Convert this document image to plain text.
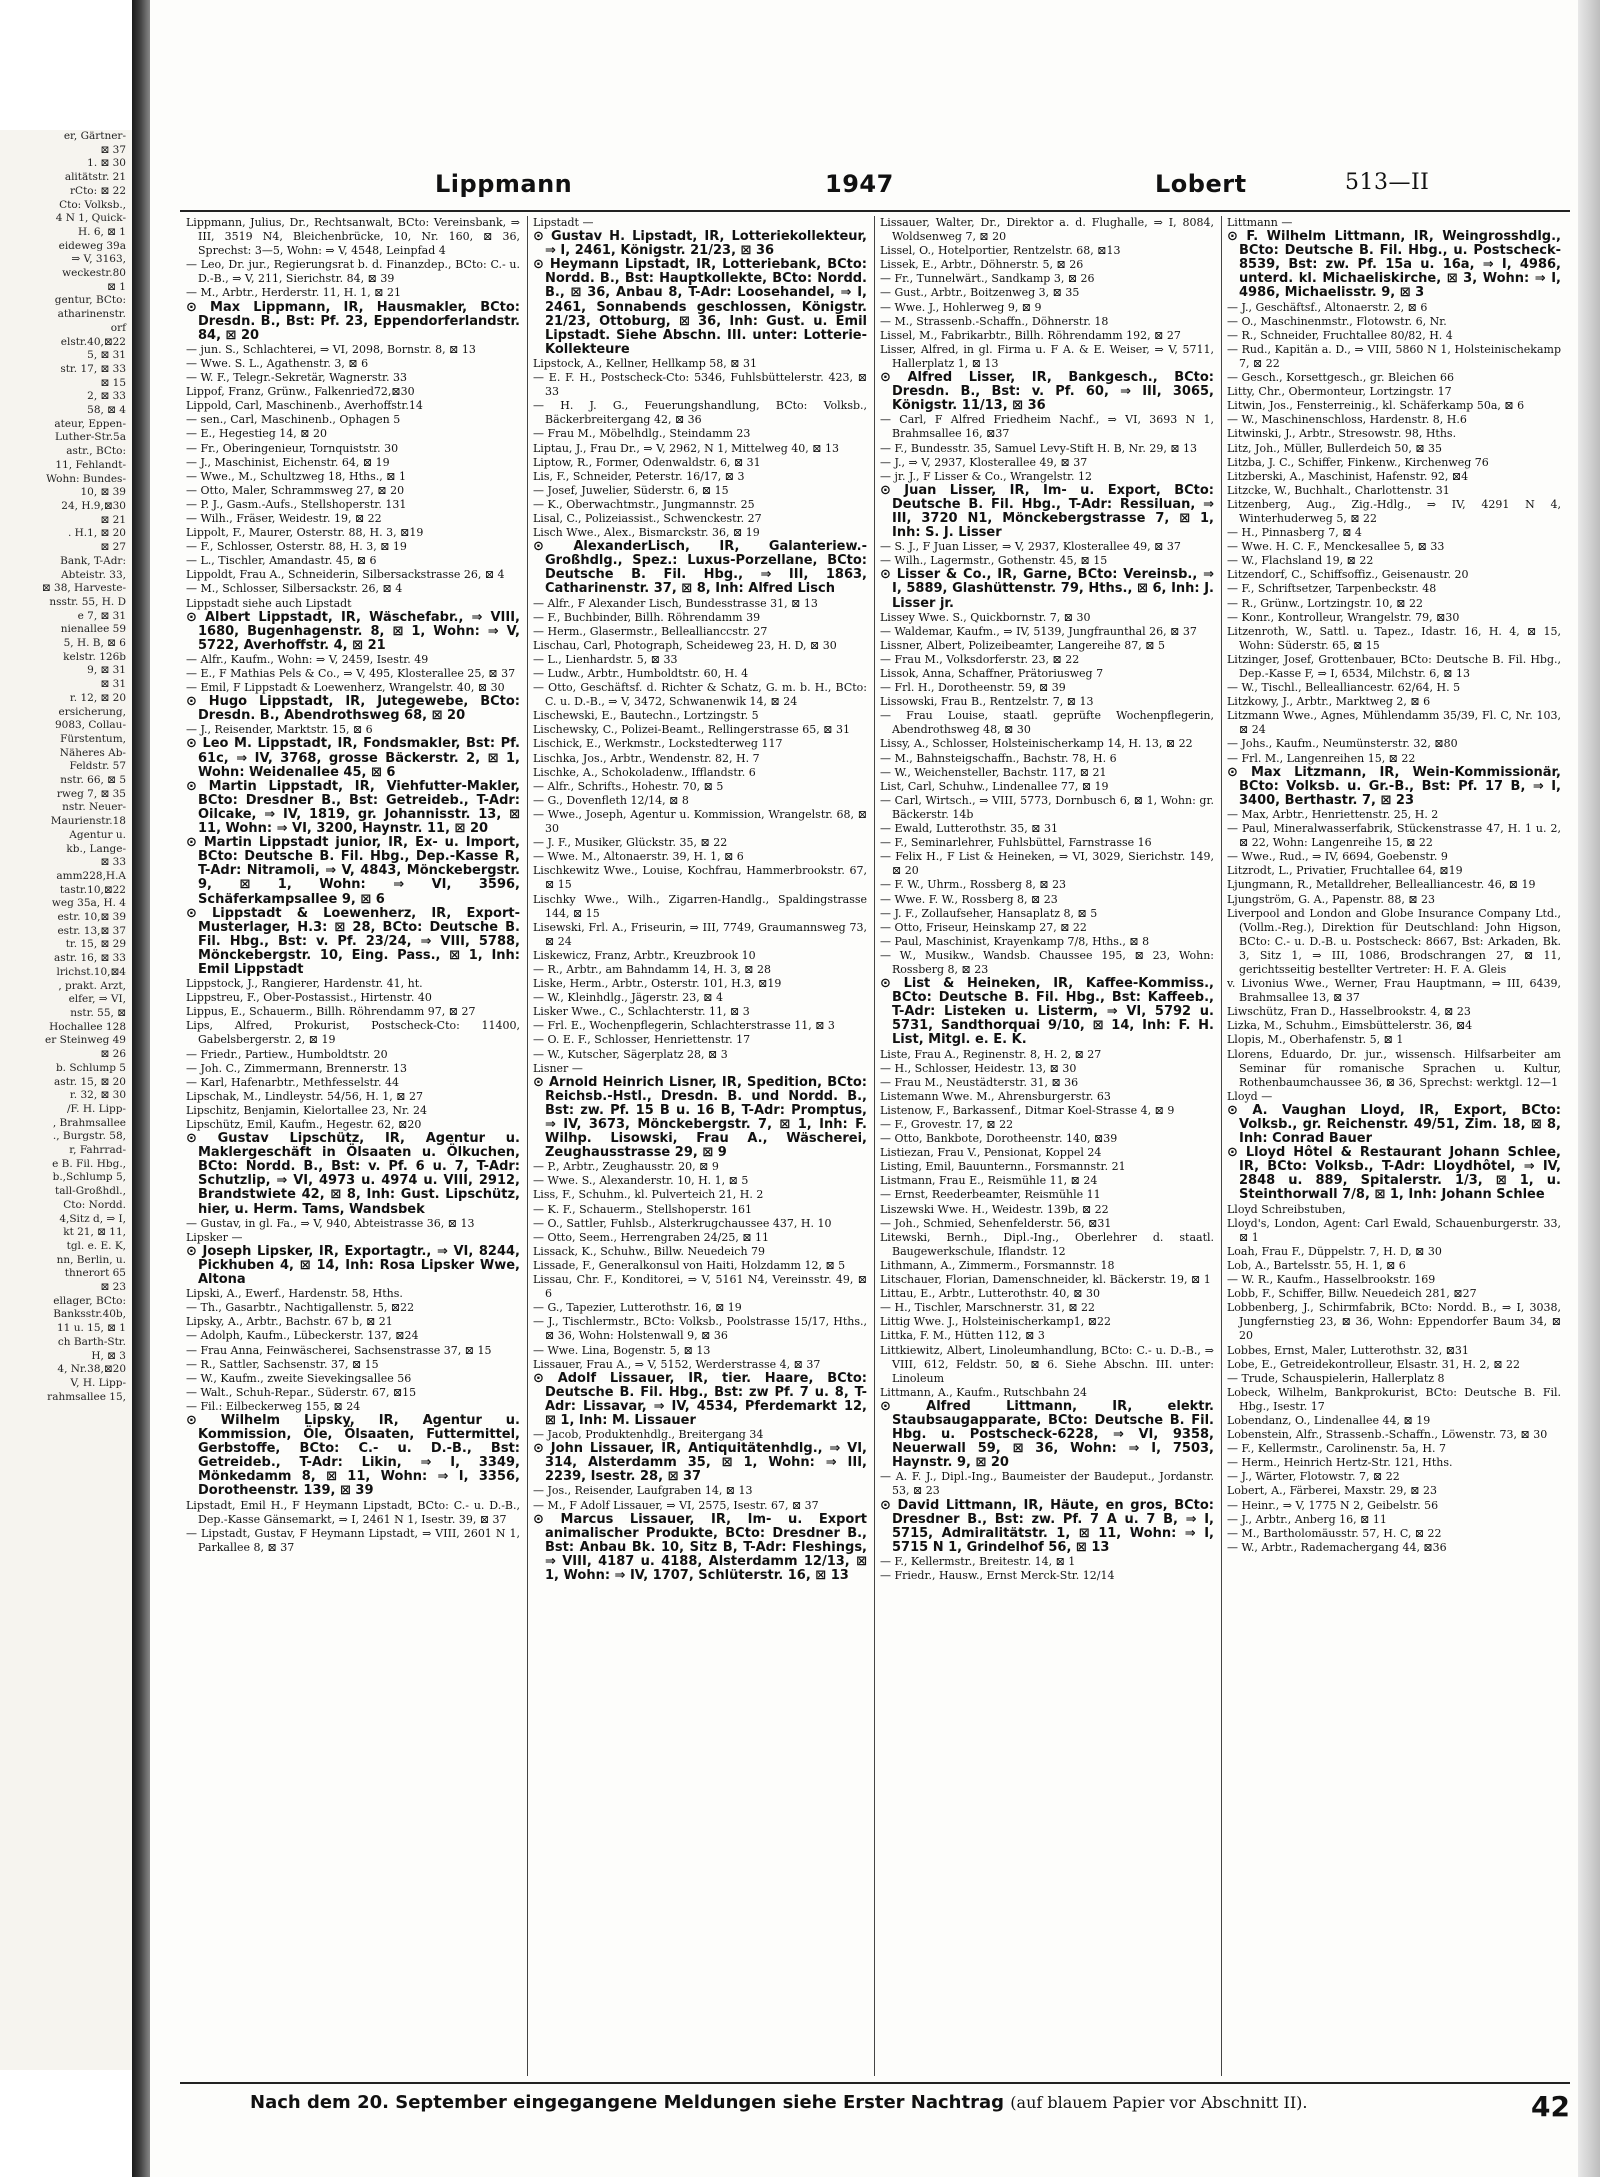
er, Gärtner-
⊠ 37
1. ⊠ 30
alitätstr. 21
rCto: ⊠ 22
Cto: Volksb.,
4 N 1, Quick-
H. 6, ⊠ 1
eideweg 39a
⇒ V, 3163,
weckestr.80
⊠ 1
gentur, BCto:
atharinenstr.
orf
elstr.40,⊠22
5, ⊠ 31
str. 17, ⊠ 33
⊠ 15
2, ⊠ 33
58, ⊠ 4
ateur, Eppen-
Luther-Str.5a
astr., BCto:
11, Fehlandt-
Wohn: Bundes-
10, ⊠ 39
24, H.9,⊠30
⊠ 21
. H.1, ⊠ 20
⊠ 27
Bank, T-Adr:
Abteistr. 33,
⊠ 38, Harveste-
nsstr. 55, H. D
e 7, ⊠ 31
nienallee 59
5, H. B, ⊠ 6
kelstr. 126b
9, ⊠ 31
⊠ 31
r. 12, ⊠ 20
ersicherung,
9083, Collau-
Fürstentum,
Näheres Ab-
Feldstr. 57
nstr. 66, ⊠ 5
rweg 7, ⊠ 35
nstr. Neuer-
Maurienstr.18
Agentur u.
kb., Lange-
⊠ 33
amm228,H.A
tastr.10,⊠22
weg 35a, H. 4
estr. 10,⊠ 39
estr. 13,⊠ 37
tr. 15, ⊠ 29
astr. 16, ⊠ 33
lrichst.10,⊠4
, prakt. Arzt,
elfer, ⇒ VI,
nstr. 55, ⊠
Hochallee 128
er Steinweg 49
⊠ 26
b. Schlump 5
astr. 15, ⊠ 20
r. 32, ⊠ 30
/F. H. Lipp-
, Brahmsallee
., Burgstr. 58,
r, Fahrrad-
e B. Fil. Hbg.,
b.,Schlump 5,
tall-Großhdl.,
Cto: Nordd.
4,Sitz d, ⇒ I,
kt 21, ⊠ 11,
tgl. e. E. K,
nn, Berlin, u.
thnerort 65
⊠ 23
ellager, BCto:
Banksstr.40b,
11 u. 15, ⊠ 1
ch Barth-Str.
H, ⊠ 3
4, Nr.38,⊠20
V, H. Lipp-
rahmsallee 15,
Lippmann	1947	Lobert	513—II

Lippmann, Julius, Dr., Rechtsanwalt, BCto: Vereinsbank, ⇒ III, 3519 N4, Bleichenbrücke, 10, Nr. 160, ⊠ 36, Sprechst: 3—5, Wohn: ⇒ V, 4548, Leinpfad 4

— Leo, Dr. jur., Regierungsrat b. d. Finanzdep., BCto: C.- u. D.-B., ⇒ V, 211, Sierichstr. 84, ⊠ 39

— M., Arbtr., Herderstr. 11, H. 1, ⊠ 21

⊙ Max Lippmann, IR, Hausmakler, BCto: Dresdn. B., Bst: Pf. 23, Eppendorferlandstr. 84, ⊠ 20

— jun. S., Schlachterei, ⇒ VI, 2098, Bornstr. 8, ⊠ 13

— Wwe. S. L., Agathenstr. 3, ⊠ 6

— W. F., Telegr.-Sekretär, Wagnerstr. 33

Lippof, Franz, Grünw., Falkenried72,⊠30

Lippold, Carl, Maschinenb., Averhoffstr.14

— sen., Carl, Maschinenb., Ophagen 5

— E., Hegestieg 14, ⊠ 20

— Fr., Oberingenieur, Tornquiststr. 30

— J., Maschinist, Eichenstr. 64, ⊠ 19

— Wwe., M., Schultzweg 18, Hths., ⊠ 1

— Otto, Maler, Schrammsweg 27, ⊠ 20

— P. J., Gasm.-Aufs., Stellshoperstr. 131

— Wilh., Fräser, Weidestr. 19, ⊠ 22

Lippolt, F., Maurer, Osterstr. 88, H. 3, ⊠19

— F., Schlosser, Osterstr. 88, H. 3, ⊠ 19

— L., Tischler, Amandastr. 45, ⊠ 6

Lippoldt, Frau A., Schneiderin, Silbersackstrasse 26, ⊠ 4

— M., Schlosser, Silbersackstr. 26, ⊠ 4

Lippstadt siehe auch Lipstadt

⊙ Albert Lippstadt, IR, Wäschefabr., ⇒ VIII, 1680, Bugenhagenstr. 8, ⊠ 1, Wohn: ⇒ V, 5722, Averhoffstr. 4, ⊠ 21

— Alfr., Kaufm., Wohn: ⇒ V, 2459, Isestr. 49

— E., F Mathias Pels & Co., ⇒ V, 495, Klosterallee 25, ⊠ 37

— Emil, F Lippstadt & Loewenherz, Wrangelstr. 40, ⊠ 30

⊙ Hugo Lippstadt, IR, Jutegewebe, BCto: Dresdn. B., Abendrothsweg 68, ⊠ 20

— J., Reisender, Marktstr. 15, ⊠ 6

⊙ Leo M. Lippstadt, IR, Fondsmakler, Bst: Pf. 61c, ⇒ IV, 3768, grosse Bäckerstr. 2, ⊠ 1, Wohn: Weidenallee 45, ⊠ 6

⊙ Martin Lippstadt, IR, Viehfutter-Makler, BCto: Dresdner B., Bst: Getreideb., T-Adr: Oilcake, ⇒ IV, 1819, gr. Johannisstr. 13, ⊠ 11, Wohn: ⇒ VI, 3200, Haynstr. 11, ⊠ 20

⊙ Martin Lippstadt junior, IR, Ex- u. Import, BCto: Deutsche B. Fil. Hbg., Dep.-Kasse R, T-Adr: Nitramoli, ⇒ V, 4843, Mönckebergstr. 9, ⊠ 1, Wohn: ⇒ VI, 3596, Schäferkampsallee 9, ⊠ 6

⊙ Lippstadt & Loewenherz, IR, Export-Musterlager, H.3: ⊠ 28, BCto: Deutsche B. Fil. Hbg., Bst: v. Pf. 23/24, ⇒ VIII, 5788, Mönckebergstr. 10, Eing. Pass., ⊠ 1, Inh: Emil Lippstadt

Lippstock, J., Rangierer, Hardenstr. 41, ht.

Lippstreu, F., Ober-Postassist., Hirtenstr. 40

Lippus, E., Schauerm., Billh. Röhrendamm 97, ⊠ 27

Lips, Alfred, Prokurist, Postscheck-Cto: 11400, Gabelsbergerstr. 2, ⊠ 19

— Friedr., Partiew., Humboldtstr. 20

— Joh. C., Zimmermann, Brennerstr. 13

— Karl, Hafenarbtr., Methfesselstr. 44

Lipschak, M., Lindleystr. 54/56, H. 1, ⊠ 27

Lipschitz, Benjamin, Kielortallee 23, Nr. 24

Lipschütz, Emil, Kaufm., Hegestr. 62, ⊠20

⊙ Gustav Lipschütz, IR, Agentur u. Maklergeschäft in Ölsaaten u. Ölkuchen, BCto: Nordd. B., Bst: v. Pf. 6 u. 7, T-Adr: Schutzlip, ⇒ VI, 4973 u. 4974 u. VIII, 2912, Brandstwiete 42, ⊠ 8, Inh: Gust. Lipschütz, hier, u. Herm. Tams, Wandsbek

— Gustav, in gl. Fa., ⇒ V, 940, Abteistrasse 36, ⊠ 13

Lipsker —

⊙ Joseph Lipsker, IR, Exportagtr., ⇒ VI, 8244, Pickhuben 4, ⊠ 14, Inh: Rosa Lipsker Wwe, Altona

Lipski, A., Ewerf., Hardenstr. 58, Hths.

— Th., Gasarbtr., Nachtigallenstr. 5, ⊠22

Lipsky, A., Arbtr., Bachstr. 67 b, ⊠ 21

— Adolph, Kaufm., Lübeckerstr. 137, ⊠24

— Frau Anna, Feinwäscherei, Sachsenstrasse 37, ⊠ 15

— R., Sattler, Sachsenstr. 37, ⊠ 15

— W., Kaufm., zweite Sievekingsallee 56

— Walt., Schuh-Repar., Süderstr. 67, ⊠15

— Fil.: Eilbeckerweg 155, ⊠ 24

⊙ Wilhelm Lipsky, IR, Agentur u. Kommission, Öle, Ölsaaten, Futtermittel, Gerbstoffe, BCto: C.- u. D.-B., Bst: Getreideb., T-Adr: Likin, ⇒ I, 3349, Mönkedamm 8, ⊠ 11, Wohn: ⇒ I, 3356, Dorotheenstr. 139, ⊠ 39

Lipstadt, Emil H., F Heymann Lipstadt, BCto: C.- u. D.-B., Dep.-Kasse Gänsemarkt, ⇒ I, 2461 N 1, Isestr. 39, ⊠ 37

— Lipstadt, Gustav, F Heymann Lipstadt, ⇒ VIII, 2601 N 1, Parkallee 8, ⊠ 37

Lipstadt —

⊙ Gustav H. Lipstadt, IR, Lotteriekollekteur, ⇒ I, 2461, Königstr. 21/23, ⊠ 36

⊙ Heymann Lipstadt, IR, Lotteriebank, BCto: Nordd. B., Bst: Hauptkollekte, BCto: Nordd. B., ⊠ 36, Anbau 8, T-Adr: Loosehandel, ⇒ I, 2461, Sonnabends geschlossen, Königstr. 21/23, Ottoburg, ⊠ 36, Inh: Gust. u. Emil Lipstadt. Siehe Abschn. III. unter: Lotterie-Kollekteure

Lipstock, A., Kellner, Hellkamp 58, ⊠ 31

— E. F. H., Postscheck-Cto: 5346, Fuhlsbüttelerstr. 423, ⊠ 33

— H. J. G., Feuerungshandlung, BCto: Volksb., Bäckerbreitergang 42, ⊠ 36

— Frau M., Möbelhdlg., Steindamm 23

Liptau, J., Frau Dr., ⇒ V, 2962, N 1, Mittelweg 40, ⊠ 13

Liptow, R., Former, Odenwaldstr. 6, ⊠ 31

Lis, F., Schneider, Peterstr. 16/17, ⊠ 3

— Josef, Juwelier, Süderstr. 6, ⊠ 15

— K., Oberwachtmstr., Jungmannstr. 25

Lisal, C., Polizeiassist., Schwenckestr. 27

Lisch Wwe., Alex., Bismarckstr. 36, ⊠ 19

⊙ AlexanderLisch, IR, Galanteriew.-Großhdlg., Spez.: Luxus-Porzellane, BCto: Deutsche B. Fil. Hbg., ⇒ III, 1863, Catharinenstr. 37, ⊠ 8, Inh: Alfred Lisch

— Alfr., F Alexander Lisch, Bundesstrasse 31, ⊠ 13

— F., Buchbinder, Billh. Röhrendamm 39

— Herm., Glasermstr., Belleallianccstr. 27

Lischau, Carl, Photograph, Scheideweg 23, H. D, ⊠ 30

— L., Lienhardstr. 5, ⊠ 33

— Ludw., Arbtr., Humboldtstr. 60, H. 4

— Otto, Geschäftsf. d. Richter & Schatz, G. m. b. H., BCto: C. u. D.-B., ⇒ V, 3472, Schwanenwik 14, ⊠ 24

Lischewski, E., Bautechn., Lortzingstr. 5

Lischewsky, C., Polizei-Beamt., Rellingerstrasse 65, ⊠ 31

Lischick, E., Werkmstr., Lockstedterweg 117

Lischka, Jos., Arbtr., Wendenstr. 82, H. 7

Lischke, A., Schokoladenw., Ifflandstr. 6

— Alfr., Schrifts., Hohestr. 70, ⊠ 5

— G., Dovenfleth 12/14, ⊠ 8

— Wwe., Joseph, Agentur u. Kommission, Wrangelstr. 68, ⊠ 30

— J. F., Musiker, Glückstr. 35, ⊠ 22

— Wwe. M., Altonaerstr. 39, H. 1, ⊠ 6

Lischkewitz Wwe., Louise, Kochfrau, Hammerbrookstr. 67, ⊠ 15

Lischky Wwe., Wilh., Zigarren-Handlg., Spaldingstrasse 144, ⊠ 15

Lisewski, Frl. A., Friseurin, ⇒ III, 7749, Graumannsweg 73, ⊠ 24

Liskewicz, Franz, Arbtr., Kreuzbrook 10

— R., Arbtr., am Bahndamm 14, H. 3, ⊠ 28

Liske, Herm., Arbtr., Osterstr. 101, H.3, ⊠19

— W., Kleinhdlg., Jägerstr. 23, ⊠ 4

Lisker Wwe., C., Schlachterstr. 11, ⊠ 3

— Frl. E., Wochenpflegerin, Schlachterstrasse 11, ⊠ 3

— O. E. F., Schlosser, Henriettenstr. 17

— W., Kutscher, Sägerplatz 28, ⊠ 3

Lisner —

⊙ Arnold Heinrich Lisner, IR, Spedition, BCto: Reichsb.-Hstl., Dresdn. B. und Nordd. B., Bst: zw. Pf. 15 B u. 16 B, T-Adr: Promptus, ⇒ IV, 3673, Mönckebergstr. 7, ⊠ 1, Inh: F. Wilhp. Lisowski, Frau A., Wäscherei, Zeughausstrasse 29, ⊠ 9

— P., Arbtr., Zeughausstr. 20, ⊠ 9

— Wwe. S., Alexanderstr. 10, H. 1, ⊠ 5

Liss, F., Schuhm., kl. Pulverteich 21, H. 2

— K. F., Schauerm., Stellshoperstr. 161

— O., Sattler, Fuhlsb., Alsterkrugchaussee 437, H. 10

— Otto, Seem., Herrengraben 24/25, ⊠ 11

Lissack, K., Schuhw., Billw. Neuedeich 79

Lissade, F., Generalkonsul von Haiti, Holzdamm 12, ⊠ 5

Lissau, Chr. F., Konditorei, ⇒ V, 5161 N4, Vereinsstr. 49, ⊠ 6

— G., Tapezier, Lutterothstr. 16, ⊠ 19

— J., Tischlermstr., BCto: Volksb., Poolstrasse 15/17, Hths., ⊠ 36, Wohn: Holstenwall 9, ⊠ 36

— Wwe. Lina, Bogenstr. 5, ⊠ 13

Lissauer, Frau A., ⇒ V, 5152, Werderstrasse 4, ⊠ 37

⊙ Adolf Lissauer, IR, tier. Haare, BCto: Deutsche B. Fil. Hbg., Bst: zw Pf. 7 u. 8, T-Adr: Lissavar, ⇒ IV, 4534, Pferdemarkt 12, ⊠ 1, Inh: M. Lissauer

— Jacob, Produktenhdlg., Breitergang 34

⊙ John Lissauer, IR, Antiquitätenhdlg., ⇒ VI, 314, Alsterdamm 35, ⊠ 1, Wohn: ⇒ III, 2239, Isestr. 28, ⊠ 37

— Jos., Reisender, Laufgraben 14, ⊠ 13

— M., F Adolf Lissauer, ⇒ VI, 2575, Isestr. 67, ⊠ 37

⊙ Marcus Lissauer, IR, Im- u. Export animalischer Produkte, BCto: Dresdner B., Bst: Anbau Bk. 10, Sitz B, T-Adr: Fleshings, ⇒ VIII, 4187 u. 4188, Alsterdamm 12/13, ⊠ 1, Wohn: ⇒ IV, 1707, Schlüterstr. 16, ⊠ 13

Lissauer, Walter, Dr., Direktor a. d. Flughalle, ⇒ I, 8084, Woldsenweg 7, ⊠ 20

Lissel, O., Hotelportier, Rentzelstr. 68, ⊠13

Lissek, E., Arbtr., Döhnerstr. 5, ⊠ 26

— Fr., Tunnelwärt., Sandkamp 3, ⊠ 26

— Gust., Arbtr., Boitzenweg 3, ⊠ 35

— Wwe. J., Hohlerweg 9, ⊠ 9

— M., Strassenb.-Schaffn., Döhnerstr. 18

Lissel, M., Fabrikarbtr., Billh. Röhrendamm 192, ⊠ 27

Lisser, Alfred, in gl. Firma u. F A. & E. Weiser, ⇒ V, 5711, Hallerplatz 1, ⊠ 13

⊙ Alfred Lisser, IR, Bankgesch., BCto: Dresdn. B., Bst: v. Pf. 60, ⇒ III, 3065, Königstr. 11/13, ⊠ 36

— Carl, F Alfred Friedheim Nachf., ⇒ VI, 3693 N 1, Brahmsallee 16, ⊠37

— F., Bundesstr. 35, Samuel Levy-Stift H. B, Nr. 29, ⊠ 13

— J., ⇒ V, 2937, Klosterallee 49, ⊠ 37

— jr. J., F Lisser & Co., Wrangelstr. 12

⊙ Juan Lisser, IR, Im- u. Export, BCto: Deutsche B. Fil. Hbg., T-Adr: Ressiluan, ⇒ III, 3720 N1, Mönckebergstrasse 7, ⊠ 1, Inh: S. J. Lisser

— S. J., F Juan Lisser, ⇒ V, 2937, Klosterallee 49, ⊠ 37

— Wilh., Lagermstr., Gothenstr. 45, ⊠ 15

⊙ Lisser & Co., IR, Garne, BCto: Vereinsb., ⇒ I, 5889, Glashüttenstr. 79, Hths., ⊠ 6, Inh: J. Lisser jr.

Lissey Wwe. S., Quickbornstr. 7, ⊠ 30

— Waldemar, Kaufm., ⇒ IV, 5139, Jungfraunthal 26, ⊠ 37

Lissner, Albert, Polizeibeamter, Langereihe 87, ⊠ 5

— Frau M., Volksdorferstr. 23, ⊠ 22

Lissok, Anna, Schaffner, Prätoriusweg 7

— Frl. H., Dorotheenstr. 59, ⊠ 39

Lissowski, Frau B., Rentzelstr. 7, ⊠ 13

— Frau Louise, staatl. geprüfte Wochenpflegerin, Abendrothsweg 48, ⊠ 30

Lissy, A., Schlosser, Holsteinischerkamp 14, H. 13, ⊠ 22

— M., Bahnsteigschaffn., Bachstr. 78, H. 6

— W., Weichensteller, Bachstr. 117, ⊠ 21

List, Carl, Schuhw., Lindenallee 77, ⊠ 19

— Carl, Wirtsch., ⇒ VIII, 5773, Dornbusch 6, ⊠ 1, Wohn: gr. Bäckerstr. 14b

— Ewald, Lutterothstr. 35, ⊠ 31

— F., Seminarlehrer, Fuhlsbüttel, Farnstrasse 16

— Felix H., F List & Heineken, ⇒ VI, 3029, Sierichstr. 149, ⊠ 20

— F. W., Uhrm., Rossberg 8, ⊠ 23

— Wwe. F. W., Rossberg 8, ⊠ 23

— J. F., Zollaufseher, Hansaplatz 8, ⊠ 5

— Otto, Friseur, Heinskamp 27, ⊠ 22

— Paul, Maschinist, Krayenkamp 7/8, Hths., ⊠ 8

— W., Musikw., Wandsb. Chaussee 195, ⊠ 23, Wohn: Rossberg 8, ⊠ 23

⊙ List & Heineken, IR, Kaffee-Kommiss., BCto: Deutsche B. Fil. Hbg., Bst: Kaffeeb., T-Adr: Listeken u. Listerm, ⇒ VI, 5792 u. 5731, Sandthorquai 9/10, ⊠ 14, Inh: F. H. List, Mitgl. e. E. K.

Liste, Frau A., Reginenstr. 8, H. 2, ⊠ 27

— H., Schlosser, Heidestr. 13, ⊠ 30

— Frau M., Neustädterstr. 31, ⊠ 36

Listemann Wwe. M., Ahrensburgerstr. 63

Listenow, F., Barkassenf., Ditmar Koel-Strasse 4, ⊠ 9

— F., Grovestr. 17, ⊠ 22

— Otto, Bankbote, Dorotheenstr. 140, ⊠39

Listiezan, Frau V., Pensionat, Koppel 24

Listing, Emil, Bauunternn., Forsmannstr. 21

Listmann, Frau E., Reismühle 11, ⊠ 24

— Ernst, Reederbeamter, Reismühle 11

Liszewski Wwe. H., Weidestr. 139b, ⊠ 22

— Joh., Schmied, Sehenfelderstr. 56, ⊠31

Litewski, Bernh., Dipl.-Ing., Oberlehrer d. staatl. Baugewerkschule, Iflandstr. 12

Lithmann, A., Zimmerm., Forsmannstr. 18

Litschauer, Florian, Damenschneider, kl. Bäckerstr. 19, ⊠ 1

Littau, E., Arbtr., Lutterothstr. 40, ⊠ 30

— H., Tischler, Marschnerstr. 31, ⊠ 22

Littig Wwe. J., Holsteinischerkamp1, ⊠22

Littka, F. M., Hütten 112, ⊠ 3

Littkiewitz, Albert, Linoleumhandlung, BCto: C.- u. D.-B., ⇒ VIII, 612, Feldstr. 50, ⊠ 6. Siehe Abschn. III. unter: Linoleum

Littmann, A., Kaufm., Rutschbahn 24

⊙ Alfred Littmann, IR, elektr. Staubsaugapparate, BCto: Deutsche B. Fil. Hbg. u. Postscheck-6228, ⇒ VI, 9358, Neuerwall 59, ⊠ 36, Wohn: ⇒ I, 7503, Haynstr. 9, ⊠ 20

— A. F. J., Dipl.-Ing., Baumeister der Baudeput., Jordanstr. 53, ⊠ 23

⊙ David Littmann, IR, Häute, en gros, BCto: Dresdner B., Bst: zw. Pf. 7 A u. 7 B, ⇒ I, 5715, Admiralitätstr. 1, ⊠ 11, Wohn: ⇒ I, 5715 N 1, Grindelhof 56, ⊠ 13

— F., Kellermstr., Breitestr. 14, ⊠ 1

— Friedr., Hausw., Ernst Merck-Str. 12/14

Littmann —

⊙ F. Wilhelm Littmann, IR, Weingrosshdlg., BCto: Deutsche B. Fil. Hbg., u. Postscheck-8539, Bst: zw. Pf. 15a u. 16a, ⇒ I, 4986, unterd. kl. Michaeliskirche, ⊠ 3, Wohn: ⇒ I, 4986, Michaelisstr. 9, ⊠ 3

— J., Geschäftsf., Altonaerstr. 2, ⊠ 6

— O., Maschinenmstr., Flotowstr. 6, Nr.

— R., Schneider, Fruchtallee 80/82, H. 4

— Rud., Kapitän a. D., ⇒ VIII, 5860 N 1, Holsteinischekamp 7, ⊠ 22

— Gesch., Korsettgesch., gr. Bleichen 66

Litty, Chr., Obermonteur, Lortzingstr. 17

Litwin, Jos., Fensterreinig., kl. Schäferkamp 50a, ⊠ 6

— W., Maschinenschloss, Hardenstr. 8, H.6

Litwinski, J., Arbtr., Stresowstr. 98, Hths.

Litz, Joh., Müller, Bullerdeich 50, ⊠ 35

Litzba, J. C., Schiffer, Finkenw., Kirchenweg 76

Litzberski, A., Maschinist, Hafenstr. 92, ⊠4

Litzcke, W., Buchhalt., Charlottenstr. 31

Litzenberg, Aug., Zig.-Hdlg., ⇒ IV, 4291 N 4, Winterhuderweg 5, ⊠ 22

— H., Pinnasberg 7, ⊠ 4

— Wwe. H. C. F., Menckesallee 5, ⊠ 33

— W., Flachsland 19, ⊠ 22

Litzendorf, C., Schiffsoffiz., Geisenaustr. 20

— F., Schriftsetzer, Tarpenbeckstr. 48

— R., Grünw., Lortzingstr. 10, ⊠ 22

— Konr., Kontrolleur, Wrangelstr. 79, ⊠30

Litzenroth, W., Sattl. u. Tapez., Idastr. 16, H. 4, ⊠ 15, Wohn: Süderstr. 65, ⊠ 15

Litzinger, Josef, Grottenbauer, BCto: Deutsche B. Fil. Hbg., Dep.-Kasse F, ⇒ I, 6534, Milchstr. 6, ⊠ 13

— W., Tischl., Bellealliancestr. 62/64, H. 5

Litzkowy, J., Arbtr., Marktweg 2, ⊠ 6

Litzmann Wwe., Agnes, Mühlendamm 35/39, Fl. C, Nr. 103, ⊠ 24

— Johs., Kaufm., Neumünsterstr. 32, ⊠80

— Frl. M., Langenreihen 15, ⊠ 22

⊙ Max Litzmann, IR, Wein-Kommissionär, BCto: Volksb. u. Gr.-B., Bst: Pf. 17 B, ⇒ I, 3400, Berthastr. 7, ⊠ 23

— Max, Arbtr., Henriettenstr. 25, H. 2

— Paul, Mineralwasserfabrik, Stückenstrasse 47, H. 1 u. 2, ⊠ 22, Wohn: Langenreihe 15, ⊠ 22

— Wwe., Rud., ⇒ IV, 6694, Goebenstr. 9

Litzrodt, L., Privatier, Fruchtallee 64, ⊠19

Ljungmann, R., Metalldreher, Bellealliancestr. 46, ⊠ 19

Ljungström, G. A., Papenstr. 88, ⊠ 23

Liverpool and London and Globe Insurance Company Ltd., (Vollm.-Reg.), Direktion für Deutschland: John Higson, BCto: C.- u. D.-B. u. Postscheck: 8667, Bst: Arkaden, Bk. 3, Sitz 1, ⇒ III, 1086, Brodschrangen 27, ⊠ 11, gerichtsseitig bestellter Vertreter: H. F. A. Gleis

v. Livonius Wwe., Werner, Frau Hauptmann, ⇒ III, 6439, Brahmsallee 13, ⊠ 37

Liwschütz, Fran D., Hasselbrookstr. 4, ⊠ 23

Lizka, M., Schuhm., Eimsbüttelerstr. 36, ⊠4

Llopis, M., Oberhafenstr. 5, ⊠ 1

Llorens, Eduardo, Dr. jur., wissensch. Hilfsarbeiter am Seminar für romanische Sprachen u. Kultur, Rothenbaumchaussee 36, ⊠ 36, Sprechst: werktgl. 12—1

Lloyd —

⊙ A. Vaughan Lloyd, IR, Export, BCto: Volksb., gr. Reichenstr. 49/51, Zim. 18, ⊠ 8, Inh: Conrad Bauer

⊙ Lloyd Hôtel & Restaurant Johann Schlee, IR, BCto: Volksb., T-Adr: Lloydhôtel, ⇒ IV, 2848 u. 889, Spitalerstr. 1/3, ⊠ 1, u. Steinthorwall 7/8, ⊠ 1, Inh: Johann Schlee

Lloyd Schreibstuben,

Lloyd's, London, Agent: Carl Ewald, Schauenburgerstr. 33, ⊠ 1

Loah, Frau F., Düppelstr. 7, H. D, ⊠ 30

Lob, A., Bartelsstr. 55, H. 1, ⊠ 6

— W. R., Kaufm., Hasselbrookstr. 169

Lobb, F., Schiffer, Billw. Neuedeich 281, ⊠27

Lobbenberg, J., Schirmfabrik, BCto: Nordd. B., ⇒ I, 3038, Jungfernstieg 23, ⊠ 36, Wohn: Eppendorfer Baum 34, ⊠ 20

Lobbes, Ernst, Maler, Lutterothstr. 32, ⊠31

Lobe, E., Getreidekontrolleur, Elsastr. 31, H. 2, ⊠ 22

— Trude, Schauspielerin, Hallerplatz 8

Lobeck, Wilhelm, Bankprokurist, BCto: Deutsche B. Fil. Hbg., Isestr. 17

Lobendanz, O., Lindenallee 44, ⊠ 19

Lobenstein, Alfr., Strassenb.-Schaffn., Löwenstr. 73, ⊠ 30

— F., Kellermstr., Carolinenstr. 5a, H. 7

— Herm., Heinrich Hertz-Str. 121, Hths.

— J., Wärter, Flotowstr. 7, ⊠ 22

Lobert, A., Färberei, Maxstr. 29, ⊠ 23

— Heinr., ⇒ V, 1775 N 2, Geibelstr. 56

— J., Arbtr., Anberg 16, ⊠ 11

— M., Bartholomäusstr. 57, H. C, ⊠ 22

— W., Arbtr., Rademachergang 44, ⊠36

Nach dem 20. September eingegangene Meldungen siehe Erster Nachtrag (auf blauem Papier vor Abschnitt II).	42
